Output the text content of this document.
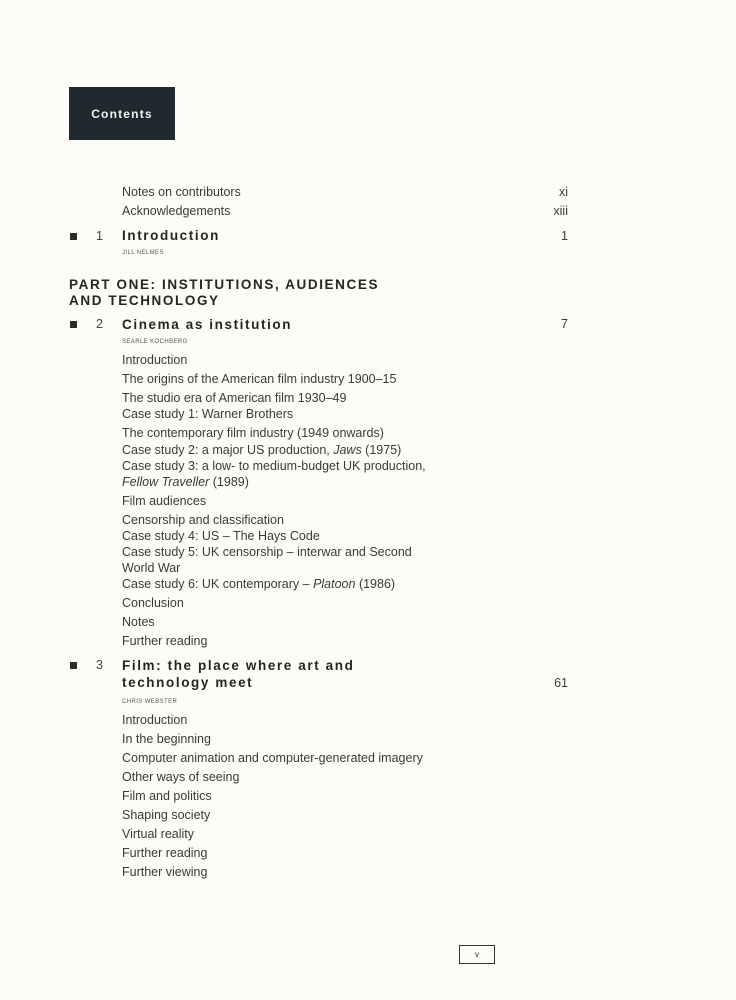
Contents
Notes on contributors	xi
Acknowledgements	xiii
1 Introduction	1
JILL NELMES
PART ONE: INSTITUTIONS, AUDIENCES
AND TECHNOLOGY
2 Cinema as institution	7
SEARLE KOCHBERG
Introduction
The origins of the American film industry 1900–15
The studio era of American film 1930–49
Case study 1: Warner Brothers
The contemporary film industry (1949 onwards)
Case study 2: a major US production, Jaws (1975)
Case study 3: a low- to medium-budget UK production,
Fellow Traveller (1989)
Film audiences
Censorship and classification
Case study 4: US – The Hays Code
Case study 5: UK censorship – interwar and Second
World War
Case study 6: UK contemporary – Platoon (1986)
Conclusion
Notes
Further reading
3 Film: the place where art and
technology meet	61
CHRIS WEBSTER
Introduction
In the beginning
Computer animation and computer-generated imagery
Other ways of seeing
Film and politics
Shaping society
Virtual reality
Further reading
Further viewing
v
